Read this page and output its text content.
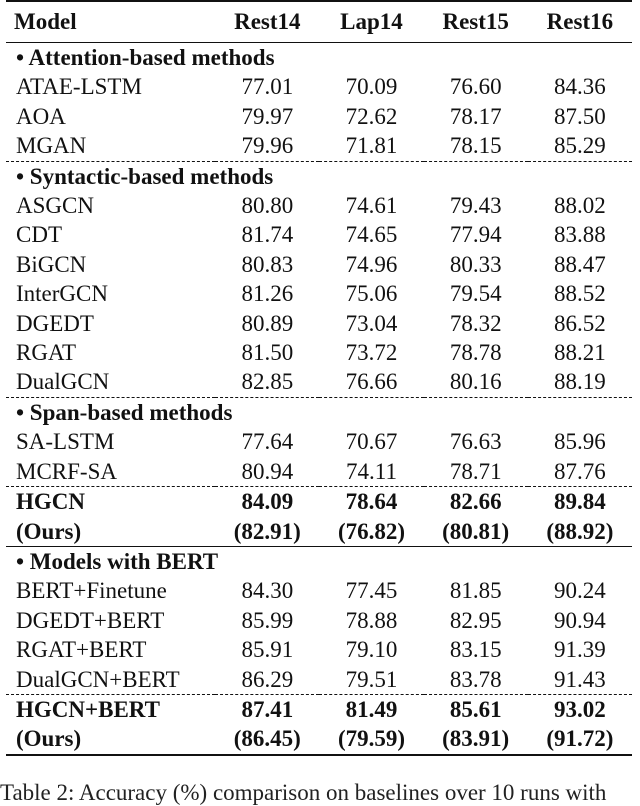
Model	Rest14	Lap14	Rest15	Rest16
• Attention-based methods				
ATAE-LSTM	77.01	70.09	76.60	84.36
AOA	79.97	72.62	78.17	87.50
MGAN	79.96	71.81	78.15	85.29
• Syntactic-based methods				
ASGCN	80.80	74.61	79.43	88.02
CDT	81.74	74.65	77.94	83.88
BiGCN	80.83	74.96	80.33	88.47
InterGCN	81.26	75.06	79.54	88.52
DGEDT	80.89	73.04	78.32	86.52
RGAT	81.50	73.72	78.78	88.21
DualGCN	82.85	76.66	80.16	88.19
• Span-based methods				
SA-LSTM	77.64	70.67	76.63	85.96
MCRF-SA	80.94	74.11	78.71	87.76
HGCN	84.09	78.64	82.66	89.84
(Ours)	(82.91)	(76.82)	(80.81)	(88.92)
• Models with BERT				
BERT+Finetune	84.30	77.45	81.85	90.24
DGEDT+BERT	85.99	78.88	82.95	90.94
RGAT+BERT	85.91	79.10	83.15	91.39
DualGCN+BERT	86.29	79.51	83.78	91.43
HGCN+BERT	87.41	81.49	85.61	93.02
(Ours)	(86.45)	(79.59)	(83.91)	(91.72)
Table 2: Accuracy (%) comparison on baselines over 10 runs with
